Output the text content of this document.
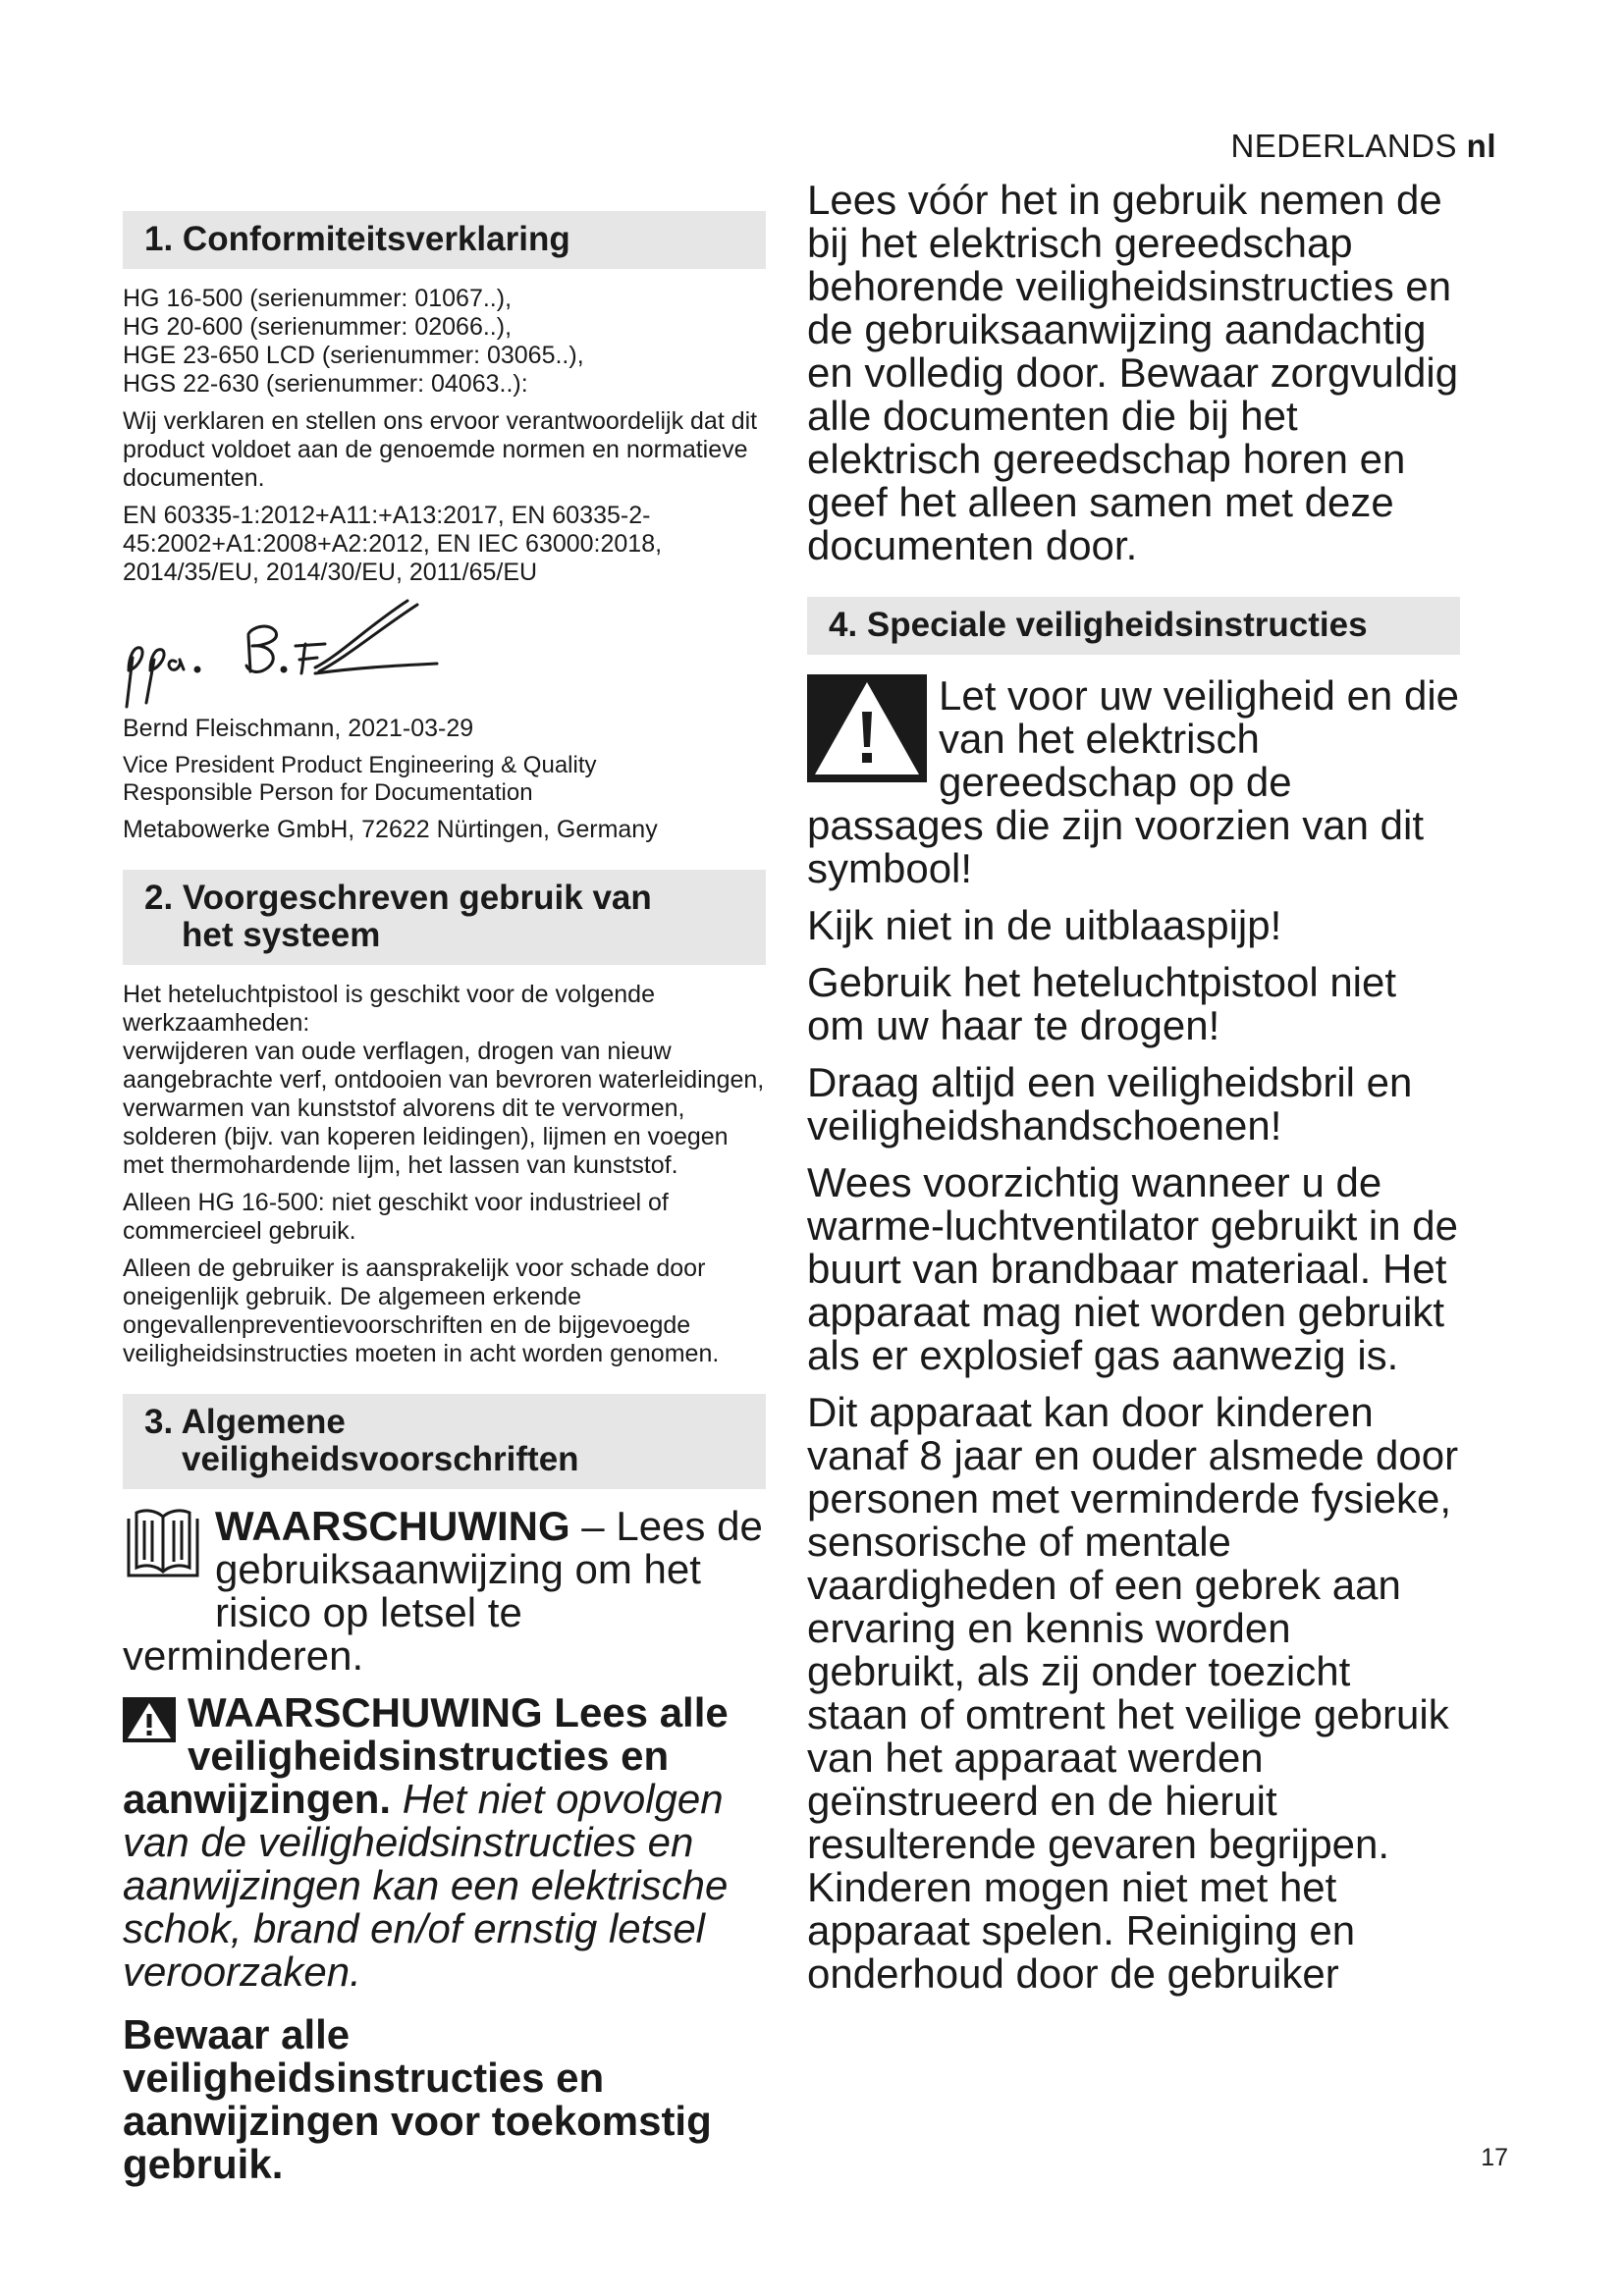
NEDERLANDS nl
1. Conformiteitsverklaring
HG 16-500 (serienummer: 01067..),
HG 20-600 (serienummer: 02066..),
HGE 23-650 LCD (serienummer: 03065..),
HGS 22-630 (serienummer: 04063..):

Wij verklaren en stellen ons ervoor verantwoordelijk dat dit product voldoet aan de genoemde normen en normatieve documenten.

EN 60335-1:2012+A11:+A13:2017, EN 60335-2-45:2002+A1:2008+A2:2012, EN IEC 63000:2018, 2014/35/EU, 2014/30/EU, 2011/65/EU

Bernd Fleischmann, 2021-03-29

Vice President Product Engineering & Quality
Responsible Person for Documentation

Metabowerke GmbH, 72622 Nürtingen, Germany

2. Voorgeschreven gebruik van
het systeem
Het heteluchtpistool is geschikt voor de volgende werkzaamheden:
verwijderen van oude verflagen, drogen van nieuw aangebrachte verf, ontdooien van bevroren waterleidingen, verwarmen van kunststof alvorens dit te vervormen, solderen (bijv. van koperen leidingen), lijmen en voegen met thermohardende lijm, het lassen van kunststof.

Alleen HG 16-500: niet geschikt voor industrieel of commercieel gebruik.

Alleen de gebruiker is aansprakelijk voor schade door oneigenlijk gebruik. De algemeen erkende ongevallenpreventievoorschriften en de bijgevoegde veiligheidsinstructies moeten in acht worden genomen.

3. Algemene
veiligheidsvoorschriften

WAARSCHUWING – Lees de gebruiksaanwijzing om het risico op letsel te verminderen.

WAARSCHUWING Lees alle veiligheidsinstructies en aanwijzingen. Het niet opvolgen van de veiligheidsinstructies en aanwijzingen kan een elektrische schok, brand en/of ernstig letsel veroorzaken.

Bewaar alle veiligheidsinstructies en aanwijzingen voor toekomstig gebruik.

Lees vóór het in gebruik nemen de bij het elektrisch gereedschap behorende veiligheidsinstructies en de gebruiksaanwijzing aandachtig en volledig door. Bewaar zorgvuldig alle documenten die bij het elektrisch gereedschap horen en geef het alleen samen met deze documenten door.

4. Speciale veiligheidsinstructies

Let voor uw veiligheid en die van het elektrisch gereedschap op de passages die zijn voorzien van dit symbool!

Kijk niet in de uitblaaspijp!

Gebruik het heteluchtpistool niet om uw haar te drogen!

Draag altijd een veiligheidsbril en veiligheidshandschoenen!

Wees voorzichtig wanneer u de warme-luchtventilator gebruikt in de buurt van brandbaar materiaal. Het apparaat mag niet worden gebruikt als er explosief gas aanwezig is.

Dit apparaat kan door kinderen vanaf 8 jaar en ouder alsmede door personen met verminderde fysieke, sensorische of mentale vaardigheden of een gebrek aan ervaring en kennis worden gebruikt, als zij onder toezicht staan of omtrent het veilige gebruik van het apparaat werden geïnstrueerd en de hieruit resulterende gevaren begrijpen. Kinderen mogen niet met het apparaat spelen. Reiniging en onderhoud door de gebruiker

17
